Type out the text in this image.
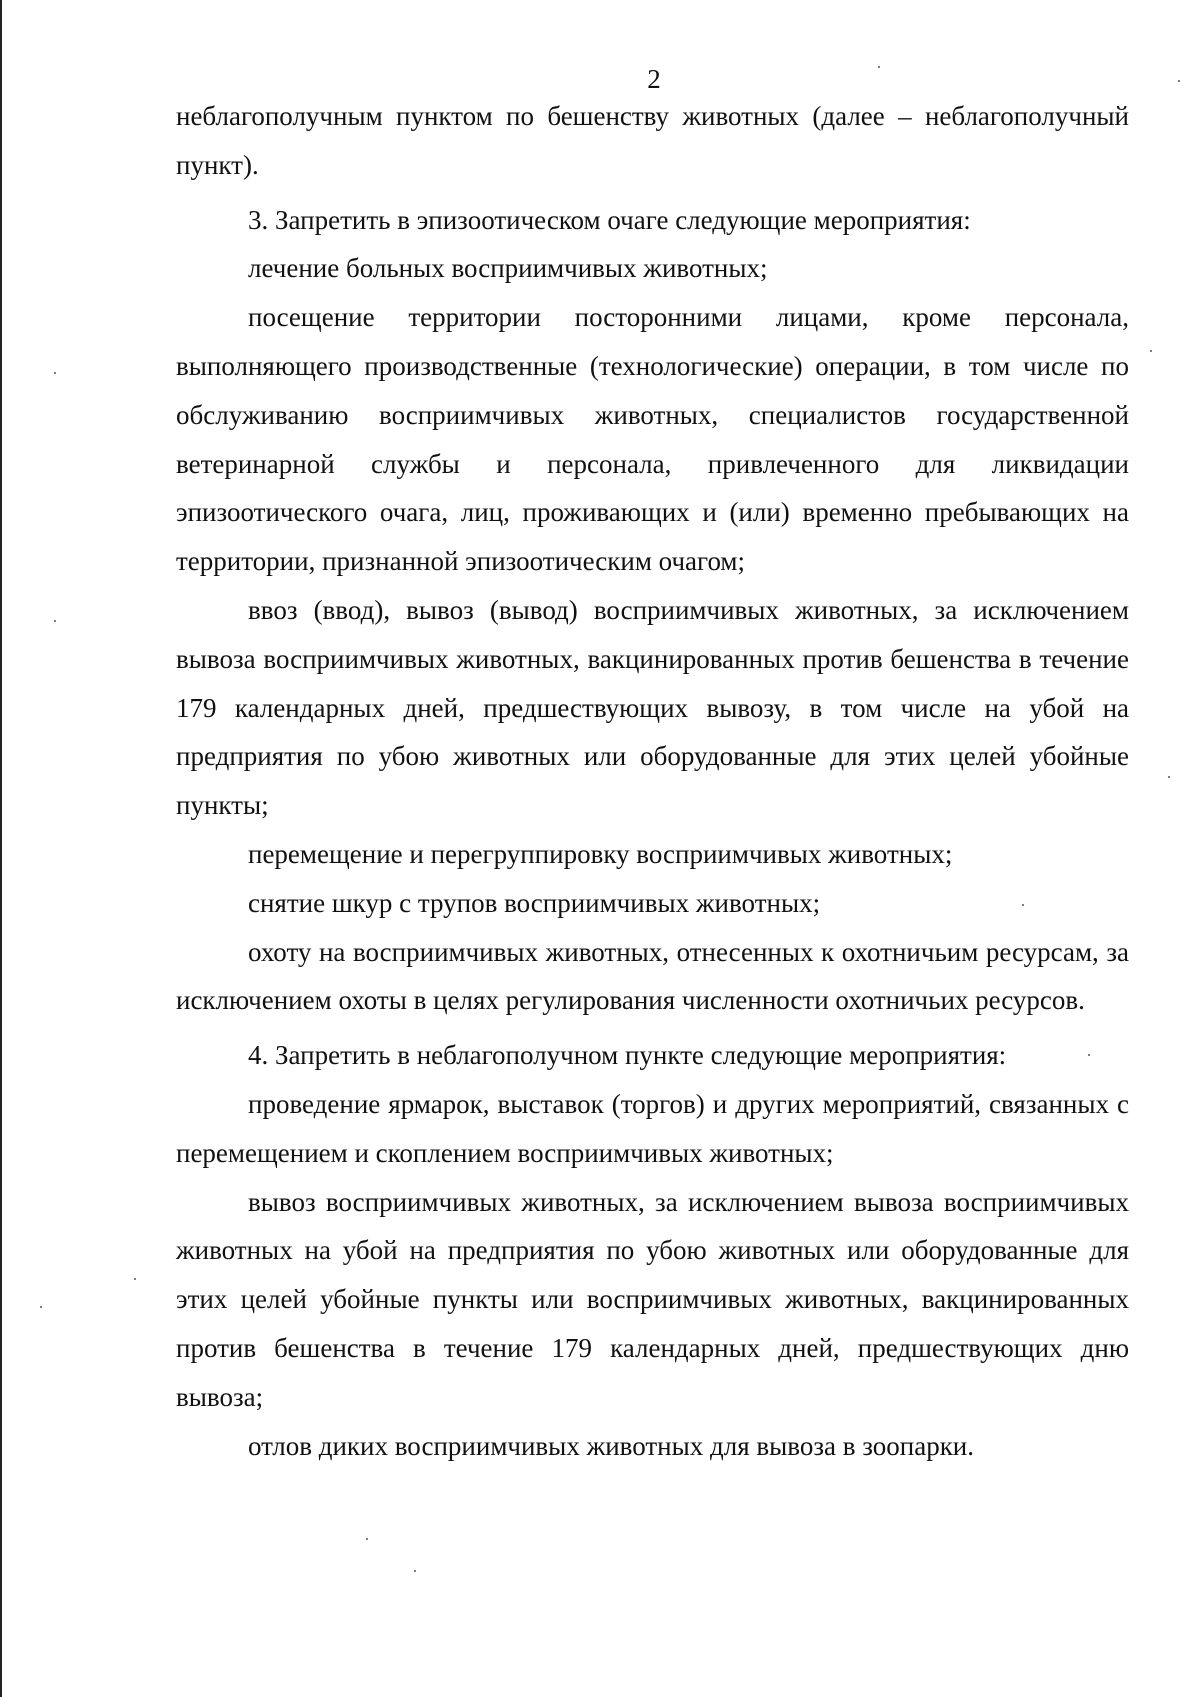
2

неблагополучным пунктом по бешенству животных (далее – неблагополучный пункт).

3. Запретить в эпизоотическом очаге следующие мероприятия:

лечение больных восприимчивых животных;

посещение территории посторонними лицами, кроме персонала, выполняющего производственные (технологические) операции, в том числе по обслуживанию восприимчивых животных, специалистов государственной ветеринарной службы и персонала, привлеченного для ликвидации эпизоотического очага, лиц, проживающих и (или) временно пребывающих на территории, признанной эпизоотическим очагом;

ввоз (ввод), вывоз (вывод) восприимчивых животных, за исключением вывоза восприимчивых животных, вакцинированных против бешенства в течение 179 календарных дней, предшествующих вывозу, в том числе на убой на предприятия по убою животных или оборудованные для этих целей убойные пункты;

перемещение и перегруппировку восприимчивых животных;

снятие шкур с трупов восприимчивых животных;

охоту на восприимчивых животных, отнесенных к охотничьим ресурсам, за исключением охоты в целях регулирования численности охотничьих ресурсов.

4. Запретить в неблагополучном пункте следующие мероприятия:

проведение ярмарок, выставок (торгов) и других мероприятий, связанных с перемещением и скоплением восприимчивых животных;

вывоз восприимчивых животных, за исключением вывоза восприимчивых животных на убой на предприятия по убою животных или оборудованные для этих целей убойные пункты или восприимчивых животных, вакцинированных против бешенства в течение 179 календарных дней, предшествующих дню вывоза;

отлов диких восприимчивых животных для вывоза в зоопарки.
